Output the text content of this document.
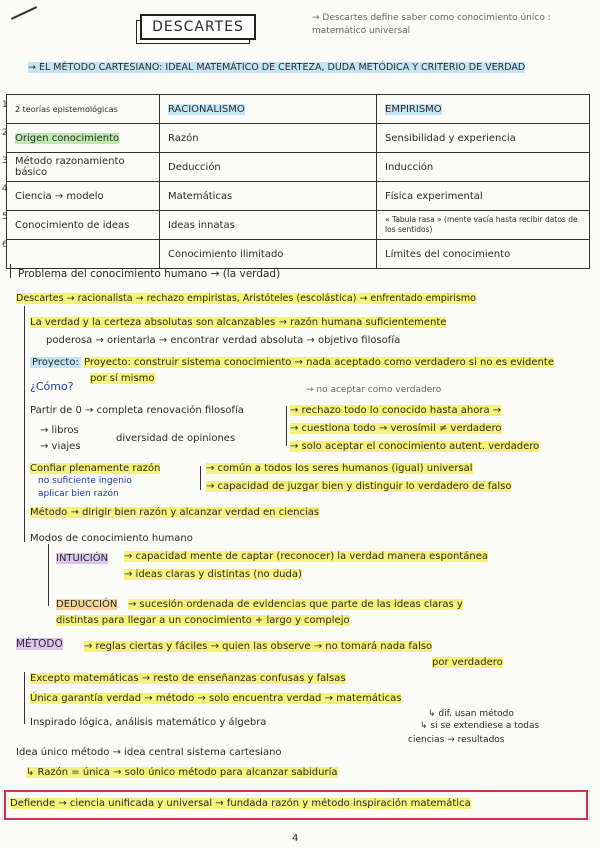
DESCARTES
→ Descartes define saber como conocimiento único : matemático universal
→ EL MÉTODO CARTESIANO: IDEAL MATEMÁTICO DE CERTEZA, DUDA METÓDICA Y CRITERIO DE VERDAD
1
2
3
4
5
6
2 teorías epistemológicas	RACIONALISMO	EMPIRISMO
Origen conocimiento	Razón	Sensibilidad y experiencia
Método razonamiento básico	Deducción	Inducción
Ciencia → modelo	Matemáticas	Física experimental
Conocimiento de ideas	Ideas innatas	« Tabula rasa » (mente vacía hasta recibir datos de los sentidos)
	Conocimiento ilimitado	Límites del conocimiento
Problema del conocimiento humano → (la verdad)
Descartes → racionalista → rechazo empiristas, Aristóteles (escolástica) → enfrentado empirismo
La verdad y la certeza absolutas son alcanzables → razón humana suficientemente
poderosa → orientarla → encontrar verdad absoluta → objetivo filosofía
Proyecto: Proyecto: construir sistema conocimiento → nada aceptado como verdadero si no es evidente
por sí mismo
¿Cómo?
Partir de 0 → completa renovación filosofía
→ no aceptar como verdadero
→ rechazo todo lo conocido hasta ahora →
→ cuestiona todo → verosímil ≠ verdadero
→ solo aceptar el conocimiento autent. verdadero
→ libros
→ viajes
diversidad de opiniones
Confiar plenamente razón
no suficiente ingenio
aplicar bien razón
→ común a todos los seres humanos (igual) universal
→ capacidad de juzgar bien y distinguir lo verdadero de falso
Método → dirigir bien razón y alcanzar verdad en ciencias
Modos de conocimiento humano
INTUICIÓN → capacidad mente de captar (reconocer) la verdad manera espontánea
→ ideas claras y distintas (no duda)
DEDUCCIÓN → sucesión ordenada de evidencias que parte de las ideas claras y
distintas para llegar a un conocimiento + largo y complejo
MÉTODO → reglas ciertas y fáciles → quien las observe → no tomará nada falso
por verdadero
Excepto matemáticas → resto de enseñanzas confusas y falsas
Única garantía verdad → método → solo encuentra verdad → matemáticas
↳ dif. usan método
↳ si se extendiese a todas
Inspirado lógica, análisis matemático y álgebra
ciencias → resultados
Idea único método → idea central sistema cartesiano
↳ Razón = única → solo único método para alcanzar sabiduría
Defiende → ciencia unificada y universal → fundada razón y método inspiración matemática
4
